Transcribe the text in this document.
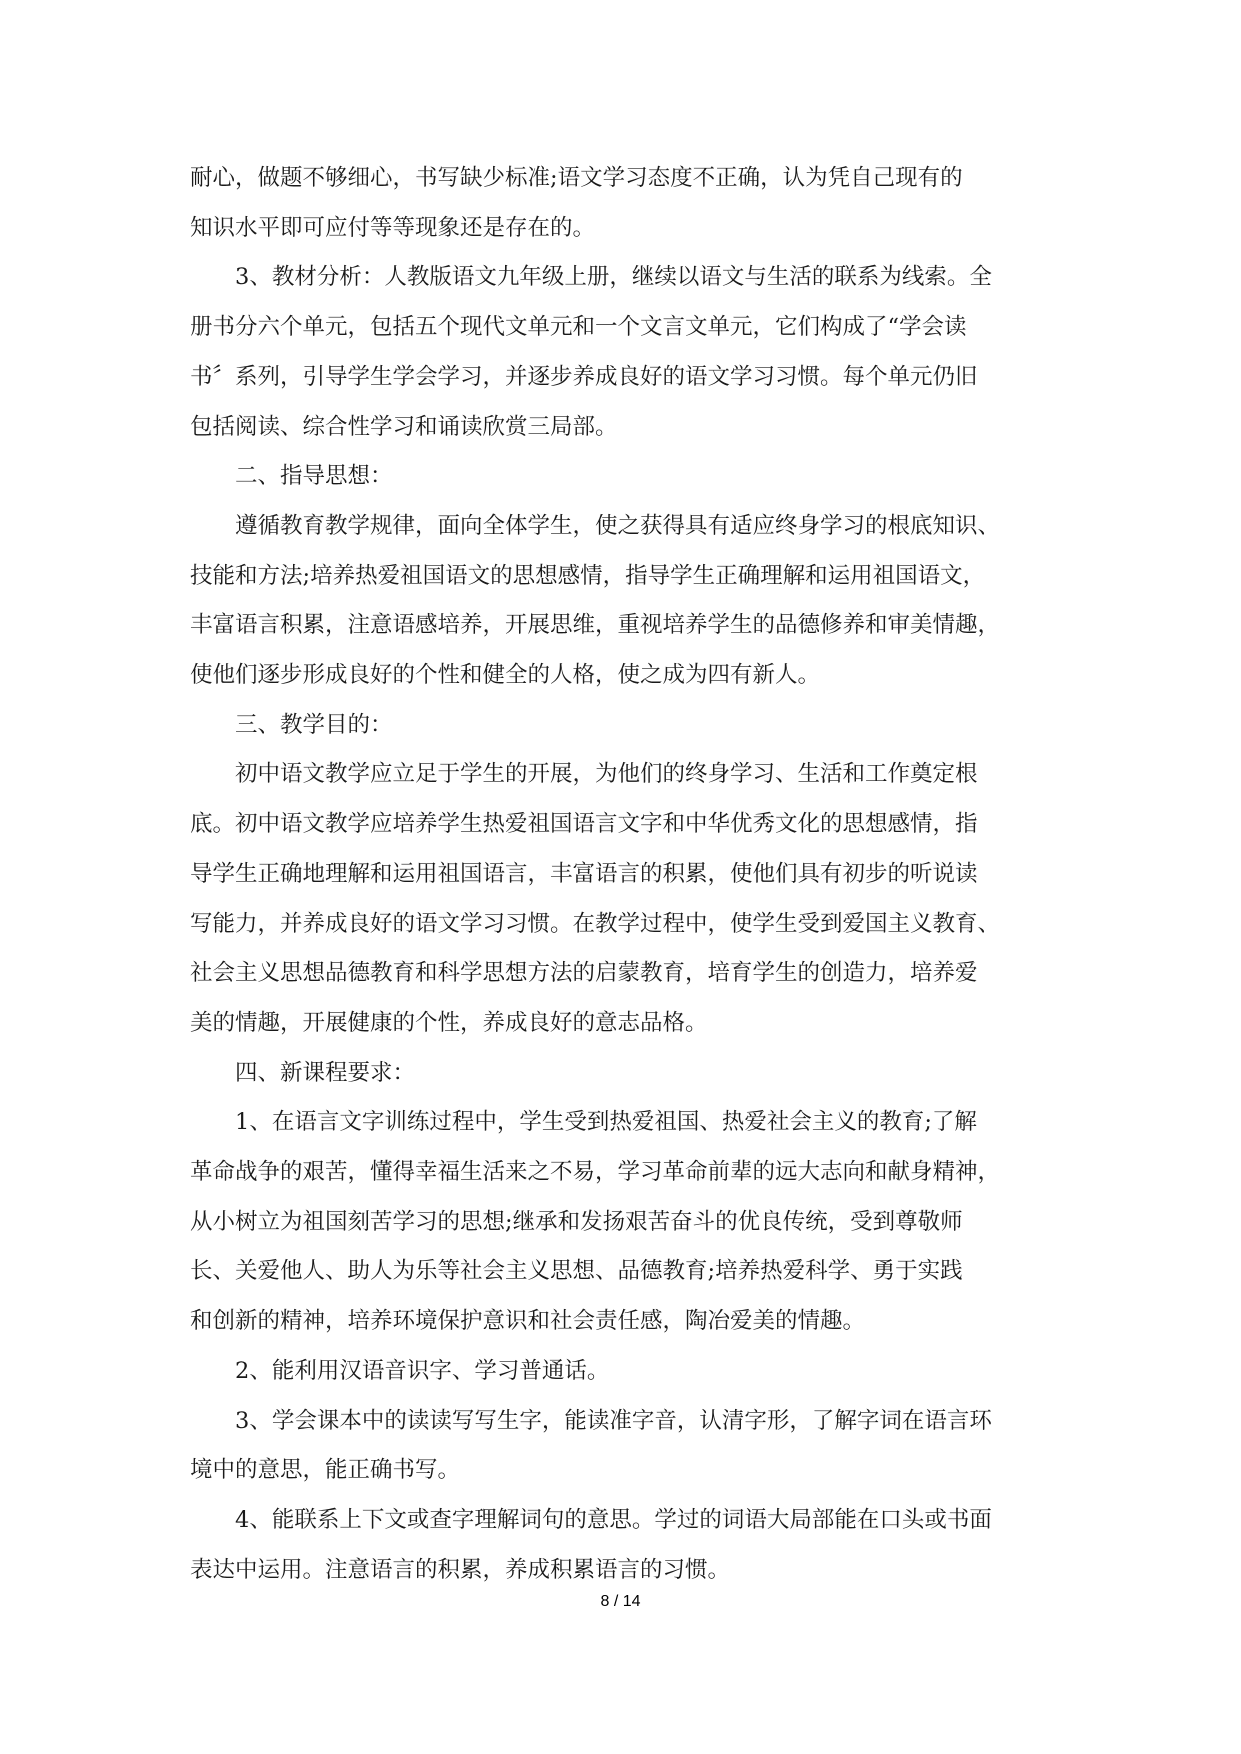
耐心，做题不够细心，书写缺少标准;语文学习态度不正确，认为凭自己现有的
知识水平即可应付等等现象还是存在的。

3、教材分析：人教版语文九年级上册，继续以语文与生活的联系为线索。全
册书分六个单元，包括五个现代文单元和一个文言文单元，它们构成了“学会读
书〞系列，引导学生学会学习，并逐步养成良好的语文学习习惯。每个单元仍旧
包括阅读、综合性学习和诵读欣赏三局部。

二、指导思想：

遵循教育教学规律，面向全体学生，使之获得具有适应终身学习的根底知识、
技能和方法;培养热爱祖国语文的思想感情，指导学生正确理解和运用祖国语文，
丰富语言积累，注意语感培养，开展思维，重视培养学生的品德修养和审美情趣，
使他们逐步形成良好的个性和健全的人格，使之成为四有新人。

三、教学目的：

初中语文教学应立足于学生的开展，为他们的终身学习、生活和工作奠定根
底。初中语文教学应培养学生热爱祖国语言文字和中华优秀文化的思想感情，指
导学生正确地理解和运用祖国语言，丰富语言的积累，使他们具有初步的听说读
写能力，并养成良好的语文学习习惯。在教学过程中，使学生受到爱国主义教育、
社会主义思想品德教育和科学思想方法的启蒙教育，培育学生的创造力，培养爱
美的情趣，开展健康的个性，养成良好的意志品格。

四、新课程要求：

1、在语言文字训练过程中，学生受到热爱祖国、热爱社会主义的教育;了解
革命战争的艰苦，懂得幸福生活来之不易，学习革命前辈的远大志向和献身精神，
从小树立为祖国刻苦学习的思想;继承和发扬艰苦奋斗的优良传统，受到尊敬师
长、关爱他人、助人为乐等社会主义思想、品德教育;培养热爱科学、勇于实践
和创新的精神，培养环境保护意识和社会责任感，陶冶爱美的情趣。

2、能利用汉语音识字、学习普通话。

3、学会课本中的读读写写生字，能读准字音，认清字形，了解字词在语言环
境中的意思，能正确书写。

4、能联系上下文或查字理解词句的意思。学过的词语大局部能在口头或书面
表达中运用。注意语言的积累，养成积累语言的习惯。

8 / 14
